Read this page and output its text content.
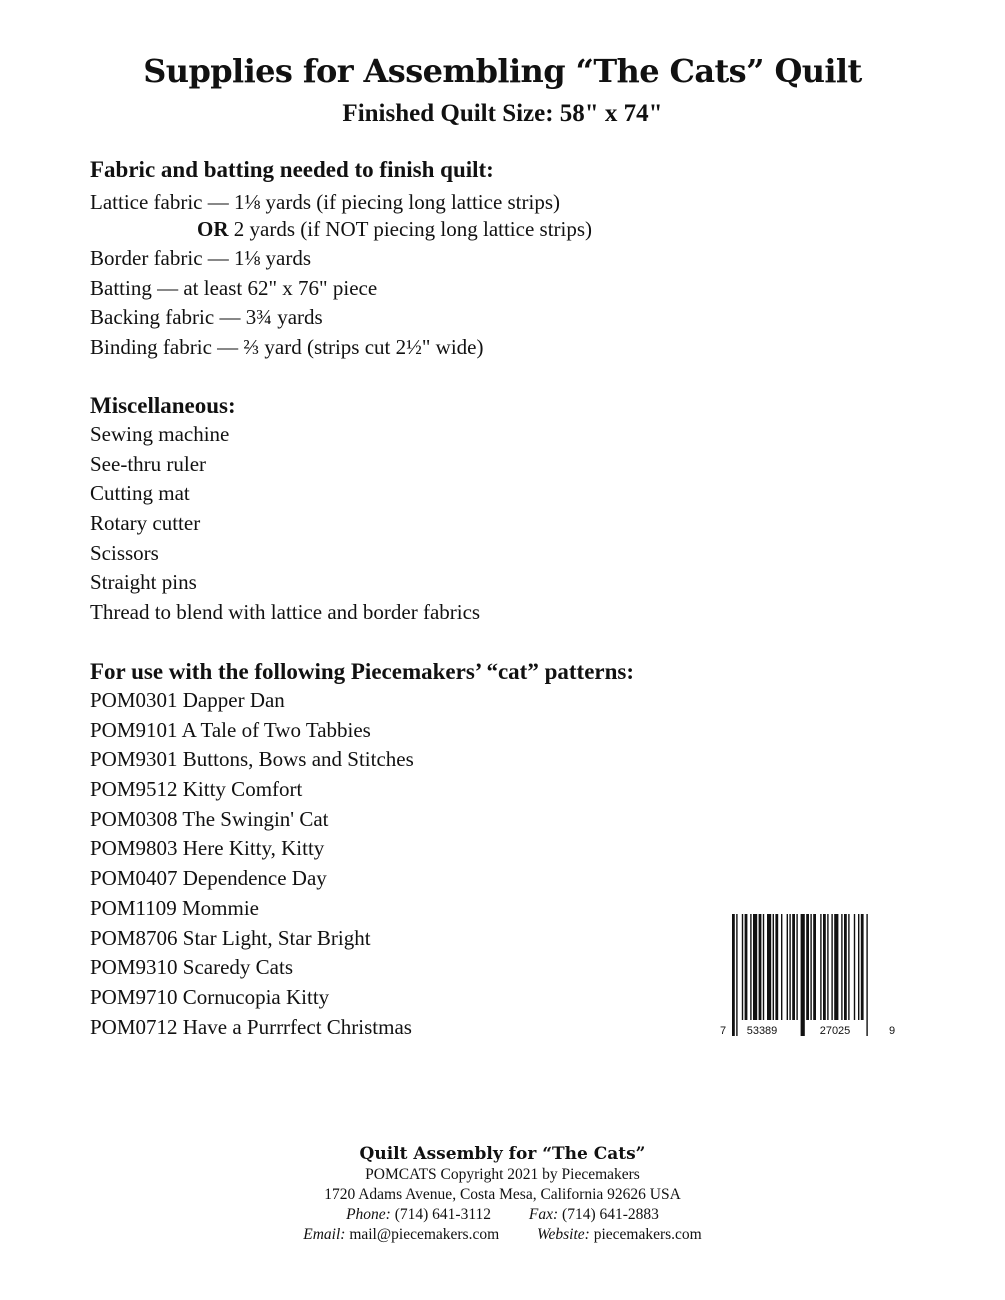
Supplies for Assembling “The Cats” Quilt
Finished Quilt Size: 58" x 74"
Fabric and batting needed to finish quilt:
Lattice fabric — 1⅛ yards (if piecing long lattice strips)
OR 2 yards (if NOT piecing long lattice strips)
Border fabric — 1⅛ yards
Batting — at least 62" x 76" piece
Backing fabric — 3¾ yards
Binding fabric — ⅔ yard (strips cut 2½" wide)
Miscellaneous:
Sewing machine
See-thru ruler
Cutting mat
Rotary cutter
Scissors
Straight pins
Thread to blend with lattice and border fabrics
For use with the following Piecemakers’ “cat” patterns:
POM0301 Dapper Dan
POM9101 A Tale of Two Tabbies
POM9301 Buttons, Bows and Stitches
POM9512 Kitty Comfort
POM0308 The Swingin' Cat
POM9803 Here Kitty, Kitty
POM0407 Dependence Day
POM1109 Mommie
POM8706 Star Light, Star Bright
POM9310 Scaredy Cats
POM9710 Cornucopia Kitty
POM0712 Have a Purrrfect Christmas	7 53389	27025	9
Quilt Assembly for “The Cats”
POMCATS Copyright 2021 by Piecemakers
1720 Adams Avenue, Costa Mesa, California 92626 USA
Phone: (714) 641-3112 Fax: (714) 641-2883
Email: mail@piecemakers.com Website: piecemakers.com
